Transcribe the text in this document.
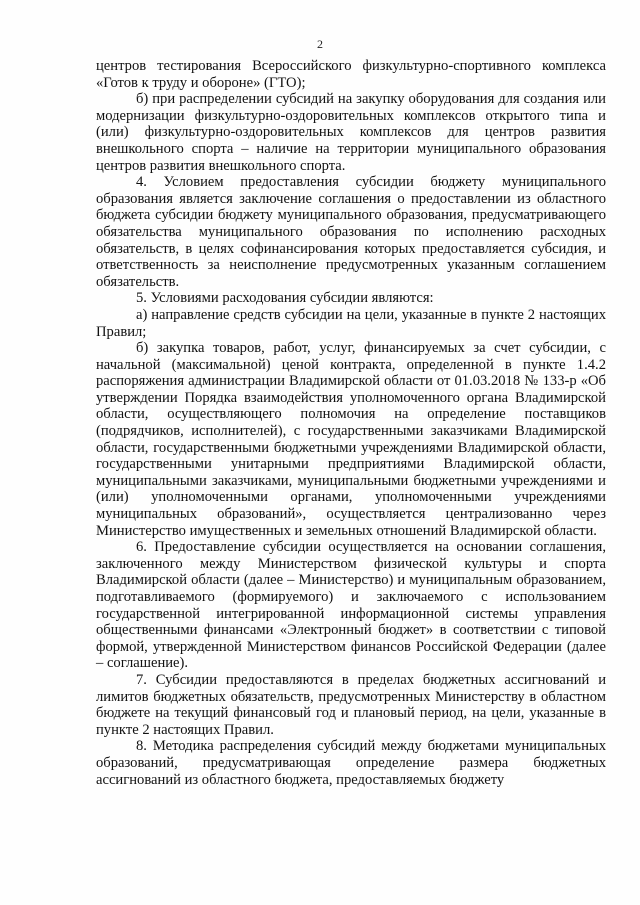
2

центров тестирования Всероссийского физкультурно-спортивного комплекса «Готов к труду и обороне» (ГТО);

б) при распределении субсидий на закупку оборудования для создания или модернизации физкультурно-оздоровительных комплексов открытого типа и (или) физкультурно-оздоровительных комплексов для центров развития внешкольного спорта – наличие на территории муниципального образования центров развития внешкольного спорта.

4. Условием предоставления субсидии бюджету муниципального образования является заключение соглашения о предоставлении из областного бюджета субсидии бюджету муниципального образования, предусматривающего обязательства муниципального образования по исполнению расходных обязательств, в целях софинансирования которых предоставляется субсидия, и ответственность за неисполнение предусмотренных указанным соглашением обязательств.

5. Условиями расходования субсидии являются:

а) направление средств субсидии на цели, указанные в пункте 2 настоящих Правил;

б) закупка товаров, работ, услуг, финансируемых за счет субсидии, с начальной (максимальной) ценой контракта, определенной в пункте 1.4.2 распоряжения администрации Владимирской области от 01.03.2018 № 133-р «Об утверждении Порядка взаимодействия уполномоченного органа Владимирской области, осуществляющего полномочия на определение поставщиков (подрядчиков, исполнителей), с государственными заказчиками Владимирской области, государственными бюджетными учреждениями Владимирской области, государственными унитарными предприятиями Владимирской области, муниципальными заказчиками, муниципальными бюджетными учреждениями и (или) уполномоченными органами, уполномоченными учреждениями муниципальных образований», осуществляется централизованно через Министерство имущественных и земельных отношений Владимирской области.

6. Предоставление субсидии осуществляется на основании соглашения, заключенного между Министерством физической культуры и спорта Владимирской области (далее – Министерство) и муниципальным образованием, подготавливаемого (формируемого) и заключаемого с использованием государственной интегрированной информационной системы управления общественными финансами «Электронный бюджет» в соответствии с типовой формой, утвержденной Министерством финансов Российской Федерации (далее – соглашение).

7. Субсидии предоставляются в пределах бюджетных ассигнований и лимитов бюджетных обязательств, предусмотренных Министерству в областном бюджете на текущий финансовый год и плановый период, на цели, указанные в пункте 2 настоящих Правил.

8. Методика распределения субсидий между бюджетами муниципальных образований, предусматривающая определение размера бюджетных ассигнований из областного бюджета, предоставляемых бюджету
